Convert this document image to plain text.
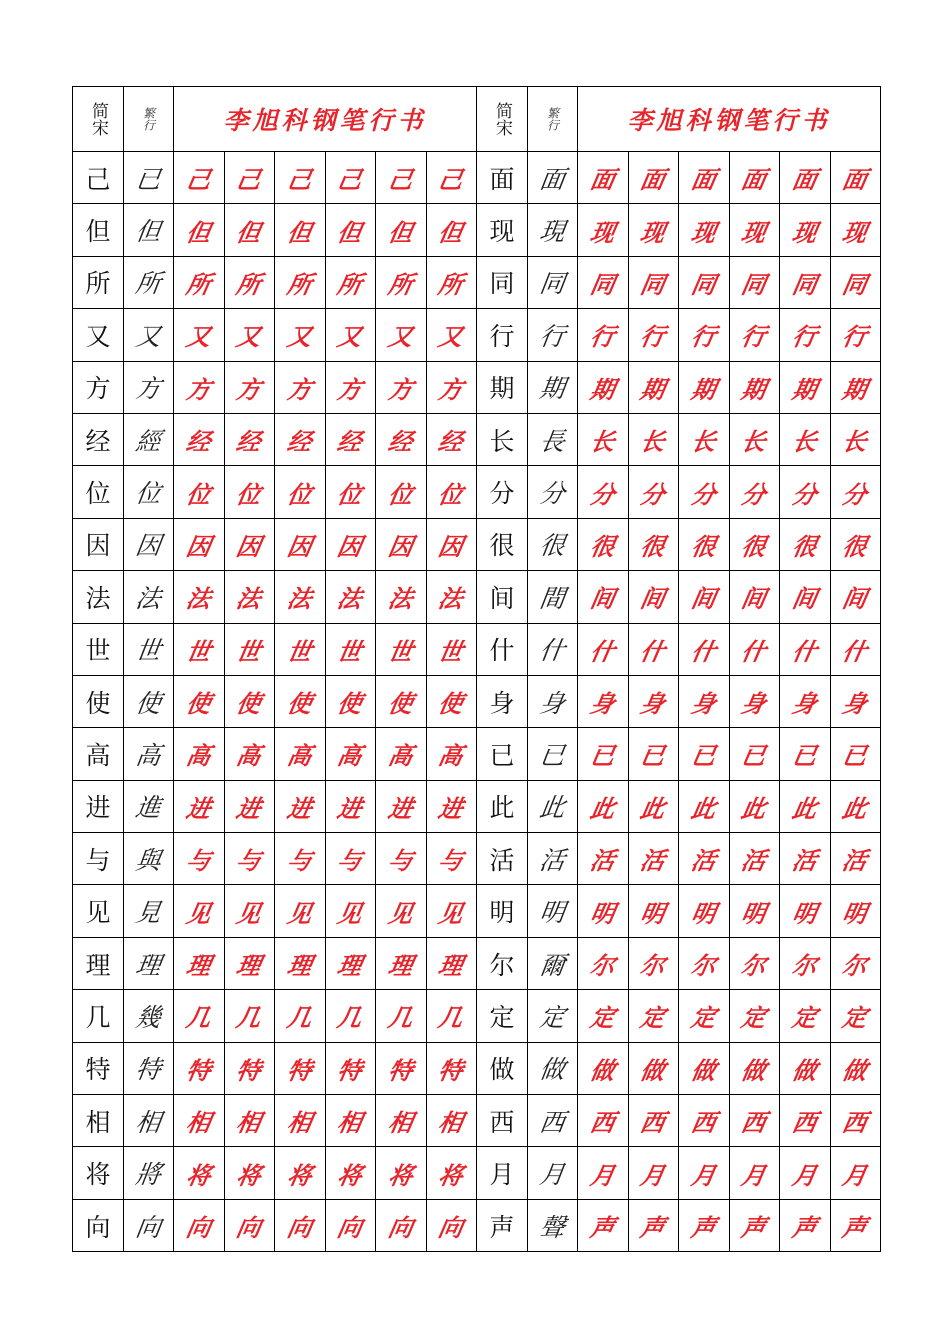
简宋	繁行	李旭科钢笔行书						简宋	繁行	李旭科钢笔行书					
己	已	己	己	己	己	己	己	面	面	面	面	面	面	面	面
但	但	但	但	但	但	但	但	现	現	现	现	现	现	现	现
所	所	所	所	所	所	所	所	同	同	同	同	同	同	同	同
又	又	又	又	又	又	又	又	行	行	行	行	行	行	行	行
方	方	方	方	方	方	方	方	期	期	期	期	期	期	期	期
经	經	经	经	经	经	经	经	长	長	长	长	长	长	长	长
位	位	位	位	位	位	位	位	分	分	分	分	分	分	分	分
因	因	因	因	因	因	因	因	很	很	很	很	很	很	很	很
法	法	法	法	法	法	法	法	间	間	间	间	间	间	间	间
世	世	世	世	世	世	世	世	什	什	什	什	什	什	什	什
使	使	使	使	使	使	使	使	身	身	身	身	身	身	身	身
高	高	高	高	高	高	高	高	已	已	已	已	已	已	已	已
进	進	进	进	进	进	进	进	此	此	此	此	此	此	此	此
与	與	与	与	与	与	与	与	活	活	活	活	活	活	活	活
见	見	见	见	见	见	见	见	明	明	明	明	明	明	明	明
理	理	理	理	理	理	理	理	尔	爾	尔	尔	尔	尔	尔	尔
几	幾	几	几	几	几	几	几	定	定	定	定	定	定	定	定
特	特	特	特	特	特	特	特	做	做	做	做	做	做	做	做
相	相	相	相	相	相	相	相	西	西	西	西	西	西	西	西
将	將	将	将	将	将	将	将	月	月	月	月	月	月	月	月
向	向	向	向	向	向	向	向	声	聲	声	声	声	声	声	声
